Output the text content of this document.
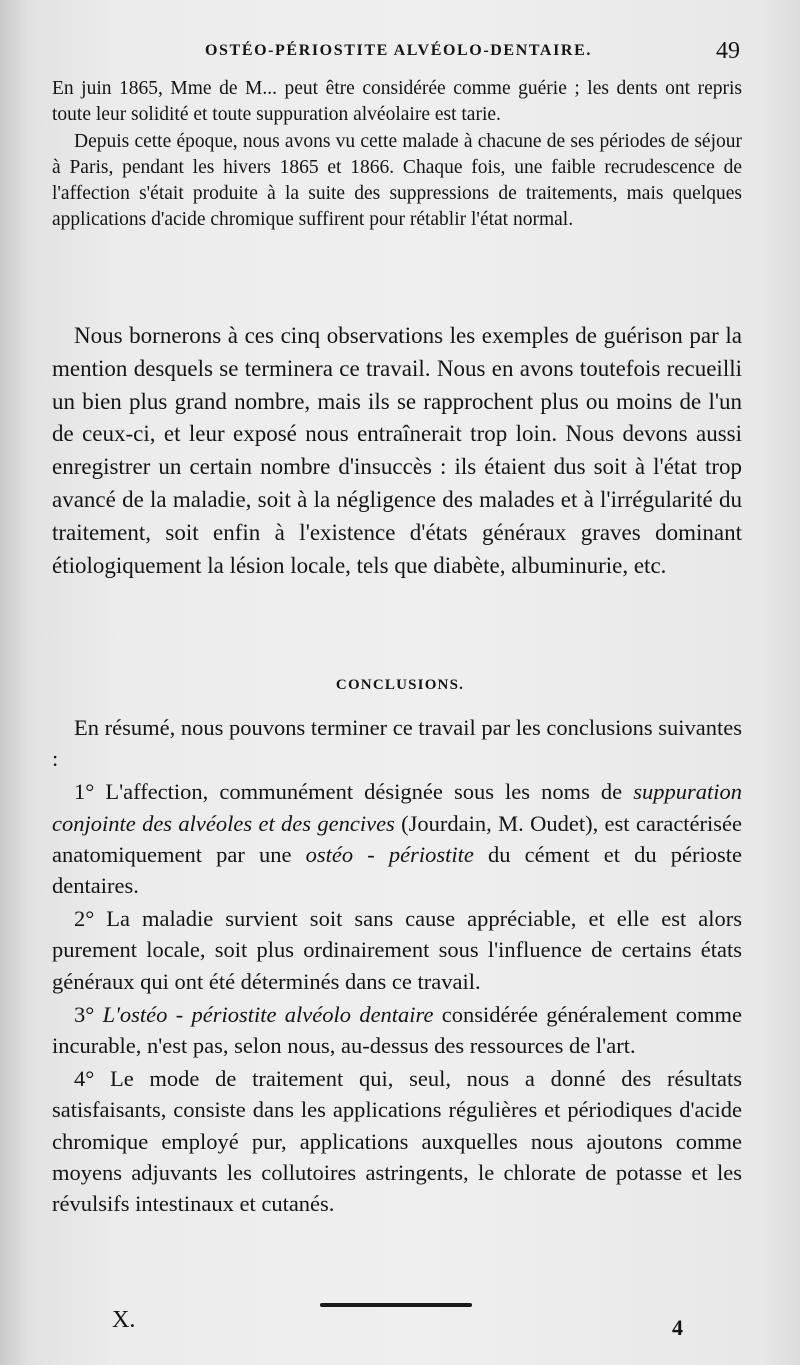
OSTÉO-PÉRIOSTITE ALVÉOLO-DENTAIRE.	49

En juin 1865, Mme de M... peut être considérée comme guérie ; les dents ont repris toute leur solidité et toute suppuration alvéolaire est tarie.

Depuis cette époque, nous avons vu cette malade à chacune de ses périodes de séjour à Paris, pendant les hivers 1865 et 1866. Chaque fois, une faible recrudescence de l'affection s'était produite à la suite des suppressions de traitements, mais quelques applications d'acide chromique suffirent pour rétablir l'état normal.

Nous bornerons à ces cinq observations les exemples de guérison par la mention desquels se terminera ce travail. Nous en avons toutefois recueilli un bien plus grand nombre, mais ils se rapprochent plus ou moins de l'un de ceux-ci, et leur exposé nous entraînerait trop loin. Nous devons aussi enregistrer un certain nombre d'insuccès : ils étaient dus soit à l'état trop avancé de la maladie, soit à la négligence des malades et à l'irrégularité du traitement, soit enfin à l'existence d'états généraux graves dominant étiologiquement la lésion locale, tels que diabète, albuminurie, etc.

CONCLUSIONS.

En résumé, nous pouvons terminer ce travail par les conclusions suivantes :

1° L'affection, communément désignée sous les noms de suppuration conjointe des alvéoles et des gencives (Jourdain, M. Oudet), est caractérisée anatomiquement par une ostéo - périostite du cément et du périoste dentaires.

2° La maladie survient soit sans cause appréciable, et elle est alors purement locale, soit plus ordinairement sous l'influence de certains états généraux qui ont été déterminés dans ce travail.

3° L'ostéo - périostite alvéolo dentaire considérée généralement comme incurable, n'est pas, selon nous, au-dessus des ressources de l'art.

4° Le mode de traitement qui, seul, nous a donné des résultats satisfaisants, consiste dans les applications régulières et périodiques d'acide chromique employé pur, applications auxquelles nous ajoutons comme moyens adjuvants les collutoires astringents, le chlorate de potasse et les révulsifs intestinaux et cutanés.

X.	4
